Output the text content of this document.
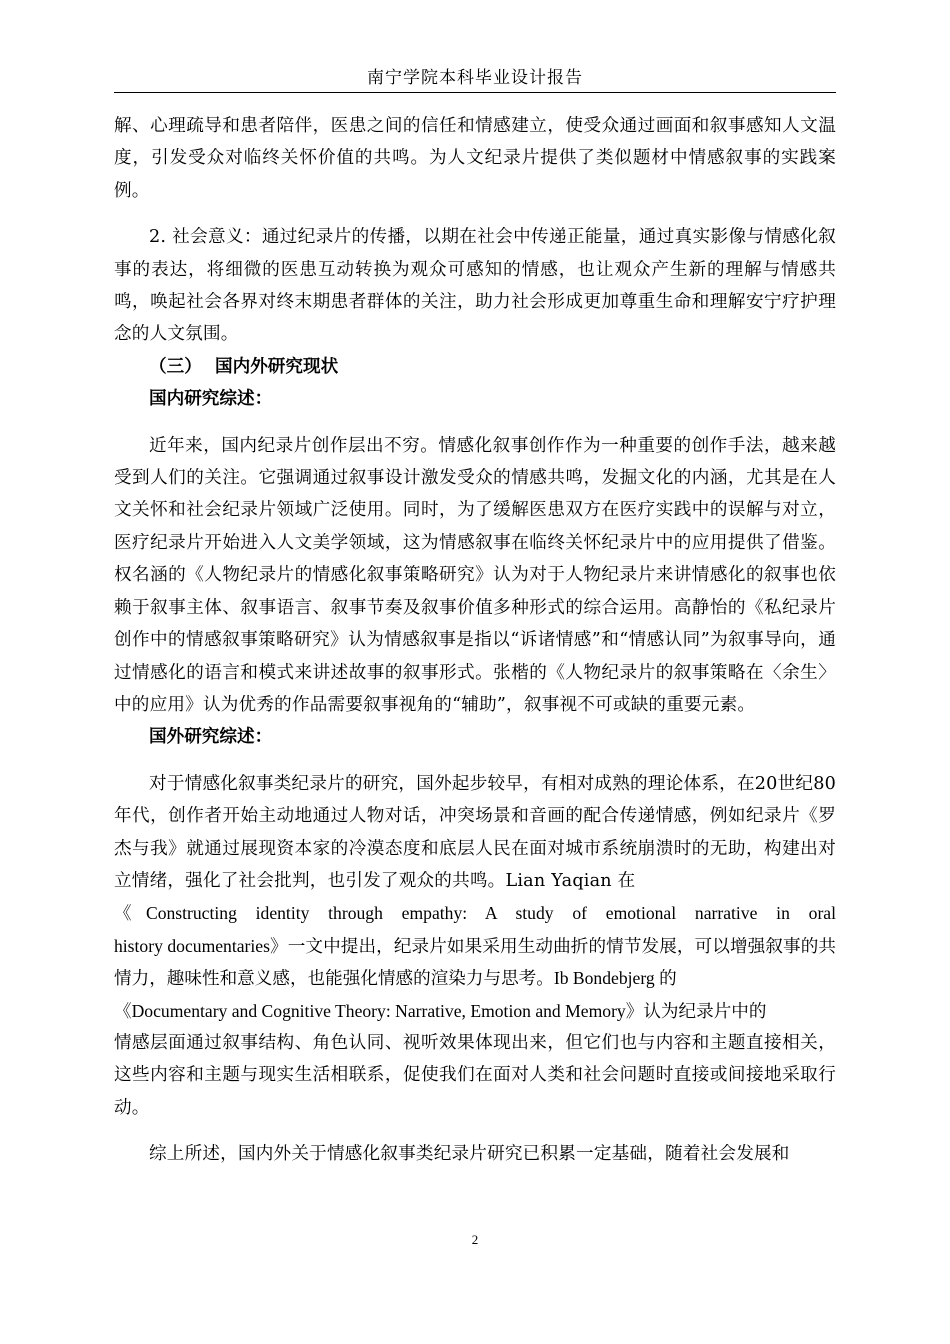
南宁学院本科毕业设计报告

解、心理疏导和患者陪伴，医患之间的信任和情感建立，使受众通过画面和叙事感知人文温度，引发受众对临终关怀价值的共鸣。为人文纪录片提供了类似题材中情感叙事的实践案例。

2. 社会意义：通过纪录片的传播，以期在社会中传递正能量，通过真实影像与情感化叙事的表达，将细微的医患互动转换为观众可感知的情感，也让观众产生新的理解与情感共鸣，唤起社会各界对终末期患者群体的关注，助力社会形成更加尊重生命和理解安宁疗护理念的人文氛围。

（三） 国内外研究现状
国内研究综述：

近年来，国内纪录片创作层出不穷。情感化叙事创作作为一种重要的创作手法，越来越受到人们的关注。它强调通过叙事设计激发受众的情感共鸣，发掘文化的内涵，尤其是在人文关怀和社会纪录片领域广泛使用。同时，为了缓解医患双方在医疗实践中的误解与对立，医疗纪录片开始进入人文美学领域，这为情感叙事在临终关怀纪录片中的应用提供了借鉴。权名涵的《人物纪录片的情感化叙事策略研究》认为对于人物纪录片来讲情感化的叙事也依赖于叙事主体、叙事语言、叙事节奏及叙事价值多种形式的综合运用。高静怡的《私纪录片创作中的情感叙事策略研究》认为情感叙事是指以“诉诸情感”和“情感认同”为叙事导向，通过情感化的语言和模式来讲述故事的叙事形式。张楷的《人物纪录片的叙事策略在〈余生〉中的应用》认为优秀的作品需要叙事视角的“辅助”，叙事视不可或缺的重要元素。

国外研究综述：

对于情感化叙事类纪录片的研究，国外起步较早，有相对成熟的理论体系，在20世纪80年代，创作者开始主动地通过人物对话，冲突场景和音画的配合传递情感，例如纪录片《罗杰与我》就通过展现资本家的冷漠态度和底层人民在面对城市系统崩溃时的无助，构建出对立情绪，强化了社会批判，也引发了观众的共鸣。Lian Yaqian 在

《Constructing identity through empathy: A study of emotional narrative in oral

history documentaries》一文中提出，纪录片如果采用生动曲折的情节发展，可以增强叙事的共情力，趣味性和意义感，也能强化情感的渲染力与思考。Ib Bondebjerg 的

《Documentary and Cognitive Theory: Narrative, Emotion and Memory》认为纪录片中的

情感层面通过叙事结构、角色认同、视听效果体现出来，但它们也与内容和主题直接相关，这些内容和主题与现实生活相联系，促使我们在面对人类和社会问题时直接或间接地采取行动。

综上所述，国内外关于情感化叙事类纪录片研究已积累一定基础，随着社会发展和

2
